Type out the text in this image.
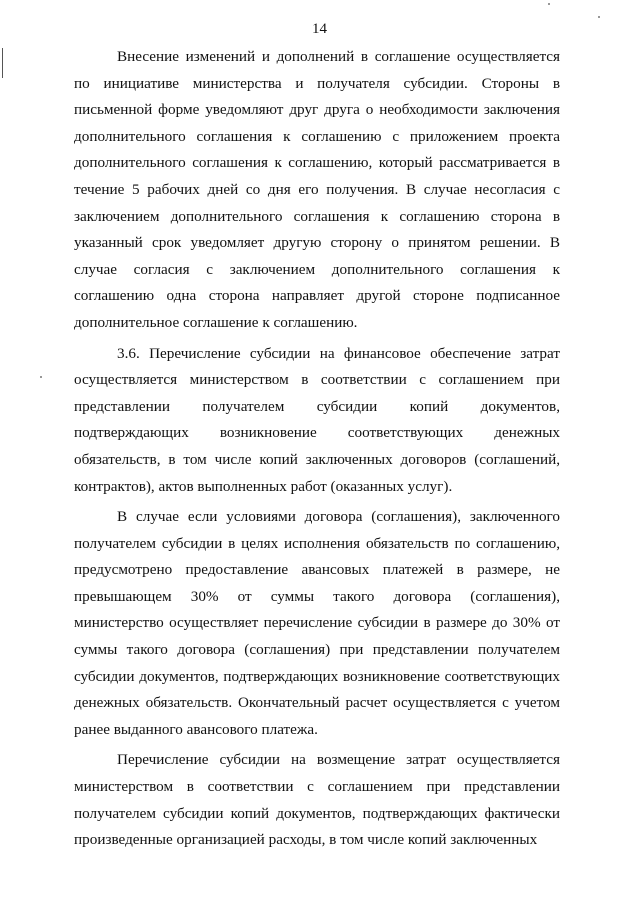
14

Внесение изменений и дополнений в соглашение осуществляется по инициативе министерства и получателя субсидии. Стороны в письменной форме уведомляют друг друга о необходимости заключения дополнительного соглашения к соглашению с приложением проекта дополнительного соглашения к соглашению, который рассматривается в течение 5 рабочих дней со дня его получения. В случае несогласия с заключением дополнительного соглашения к соглашению сторона в указанный срок уведомляет другую сторону о принятом решении. В случае согласия с заключением дополнительного соглашения к соглашению одна сторона направляет другой стороне подписанное дополнительное соглашение к соглашению.

3.6. Перечисление субсидии на финансовое обеспечение затрат осуществляется министерством в соответствии с соглашением при представлении получателем субсидии копий документов, подтверждающих возникновение соответствующих денежных обязательств, в том числе копий заключенных договоров (соглашений, контрактов), актов выполненных работ (оказанных услуг).

В случае если условиями договора (соглашения), заключенного получателем субсидии в целях исполнения обязательств по соглашению, предусмотрено предоставление авансовых платежей в размере, не превышающем 30% от суммы такого договора (соглашения), министерство осуществляет перечисление субсидии в размере до 30% от суммы такого договора (соглашения) при представлении получателем субсидии документов, подтверждающих возникновение соответствующих денежных обязательств. Окончательный расчет осуществляется с учетом ранее выданного авансового платежа.

Перечисление субсидии на возмещение затрат осуществляется министерством в соответствии с соглашением при представлении получателем субсидии копий документов, подтверждающих фактически произведенные организацией расходы, в том числе копий заключенных
